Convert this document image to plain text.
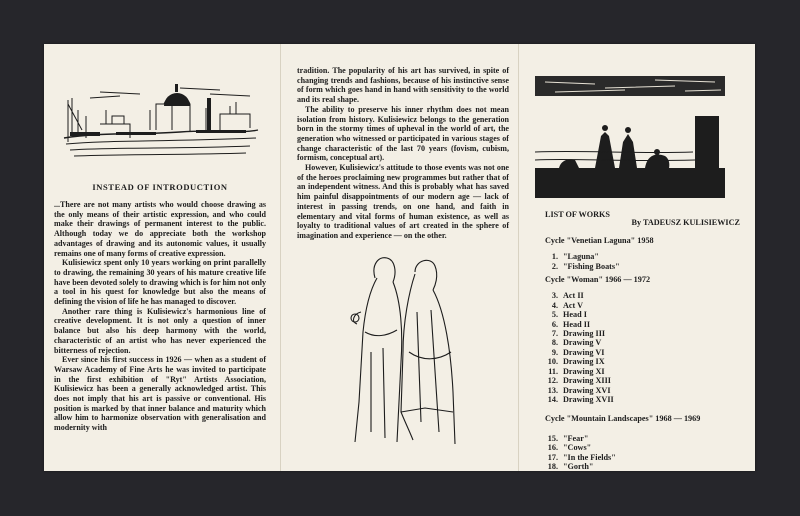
INSTEAD OF INTRODUCTION

...There are not many artists who would choose drawing as the only means of their artistic expression, and who could make their drawings of permanent interest to the public. Although today we do appreciate both the workshop advantages of drawing and its autonomic values, it usually remains one of many forms of creative expression.

Kulisiewicz spent only 10 years working on print parallelly to drawing, the remaining 30 years of his mature creative life have been devoted solely to drawing which is for him not only a tool in his quest for knowledge but also the means of defining the vision of life he has managed to discover.

Another rare thing is Kulisiewicz's harmonious line of creative development. It is not only a question of inner balance but also his deep harmony with the world, characteristic of an artist who has never experienced the bitterness of rejection.

Ever since his first success in 1926 — when as a student of Warsaw Academy of Fine Arts he was invited to participate in the first exhibition of "Ryt" Artists Association, Kulisiewicz has been a generally acknowledged artist. This does not imply that his art is passive or conventional. His position is marked by that inner balance and maturity which allow him to harmonize observation with generalisation and modernity with

tradition. The popularity of his art has survived, in spite of changing trends and fashions, because of his instinctive sense of form which goes hand in hand with sensitivity to the world and its real shape.

The ability to preserve his inner rhythm does not mean isolation from history. Kulisiewicz belongs to the generation born in the stormy times of upheval in the world of art, the generation who witnessed or participated in various stages of change characteristic of the last 70 years (fovism, cubism, formism, conceptual art).

However, Kulisiewicz's attitude to those events was not one of the heroes proclaiming new programmes but rather that of an independent witness. And this is probably what has saved him painful disappointments of our modern age — lack of interest in passing trends, on one hand, and faith in elementary and vital forms of human existence, as well as loyalty to traditional values of art created in the sphere of imagination and experience — on the other.

LIST OF WORKS
By TADEUSZ KULISIEWICZ
Cycle "Venetian Laguna" 1958
1. "Laguna"
2. "Fishing Boats"
Cycle "Woman" 1966 — 1972
3. Act II
4. Act V
5. Head I
6. Head II
7. Drawing III
8. Drawing V
9. Drawing VI
10. Drawing IX
11. Drawing XI
12. Drawing XIII
13. Drawing XVI
14. Drawing XVII
Cycle "Mountain Landscapes" 1968 — 1969
15. "Fear"
16. "Cows"
17. "In the Fields"
18. "Gorth"
